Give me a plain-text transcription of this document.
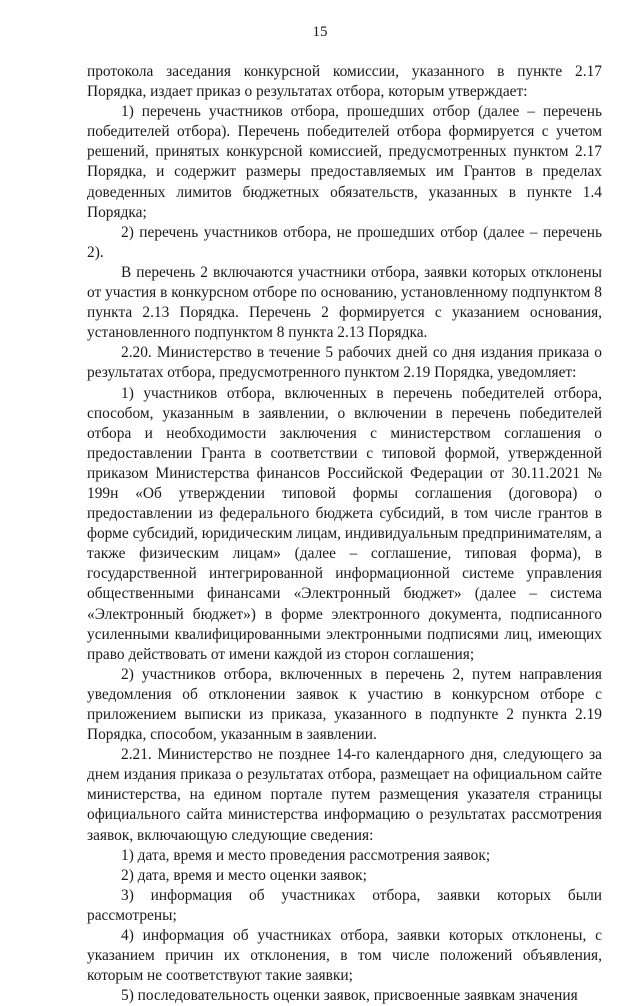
15

протокола заседания конкурсной комиссии, указанного в пункте 2.17 Порядка, издает приказ о результатах отбора, которым утверждает:

1) перечень участников отбора, прошедших отбор (далее – перечень победителей отбора). Перечень победителей отбора формируется с учетом решений, принятых конкурсной комиссией, предусмотренных пунктом 2.17 Порядка, и содержит размеры предоставляемых им Грантов в пределах доведенных лимитов бюджетных обязательств, указанных в пункте 1.4 Порядка;

2) перечень участников отбора, не прошедших отбор (далее – перечень 2).

В перечень 2 включаются участники отбора, заявки которых отклонены от участия в конкурсном отборе по основанию, установленному подпунктом 8 пункта 2.13 Порядка. Перечень 2 формируется с указанием основания, установленного подпунктом 8 пункта 2.13 Порядка.

2.20. Министерство в течение 5 рабочих дней со дня издания приказа о результатах отбора, предусмотренного пунктом 2.19 Порядка, уведомляет:

1) участников отбора, включенных в перечень победителей отбора, способом, указанным в заявлении, о включении в перечень победителей отбора и необходимости заключения с министерством соглашения о предоставлении Гранта в соответствии с типовой формой, утвержденной приказом Министерства финансов Российской Федерации от 30.11.2021 № 199н «Об утверждении типовой формы соглашения (договора) о предоставлении из федерального бюджета субсидий, в том числе грантов в форме субсидий, юридическим лицам, индивидуальным предпринимателям, а также физическим лицам» (далее – соглашение, типовая форма), в государственной интегрированной информационной системе управления общественными финансами «Электронный бюджет» (далее – система «Электронный бюджет») в форме электронного документа, подписанного усиленными квалифицированными электронными подписями лиц, имеющих право действовать от имени каждой из сторон соглашения;

2) участников отбора, включенных в перечень 2, путем направления уведомления об отклонении заявок к участию в конкурсном отборе с приложением выписки из приказа, указанного в подпункте 2 пункта 2.19 Порядка, способом, указанным в заявлении.

2.21. Министерство не позднее 14-го календарного дня, следующего за днем издания приказа о результатах отбора, размещает на официальном сайте министерства, на едином портале путем размещения указателя страницы официального сайта министерства информацию о результатах рассмотрения заявок, включающую следующие сведения:

1) дата, время и место проведения рассмотрения заявок;

2) дата, время и место оценки заявок;

3) информация об участниках отбора, заявки которых были рассмотрены;

4) информация об участниках отбора, заявки которых отклонены, с указанием причин их отклонения, в том числе положений объявления, которым не соответствуют такие заявки;

5) последовательность оценки заявок, присвоенные заявкам значения
